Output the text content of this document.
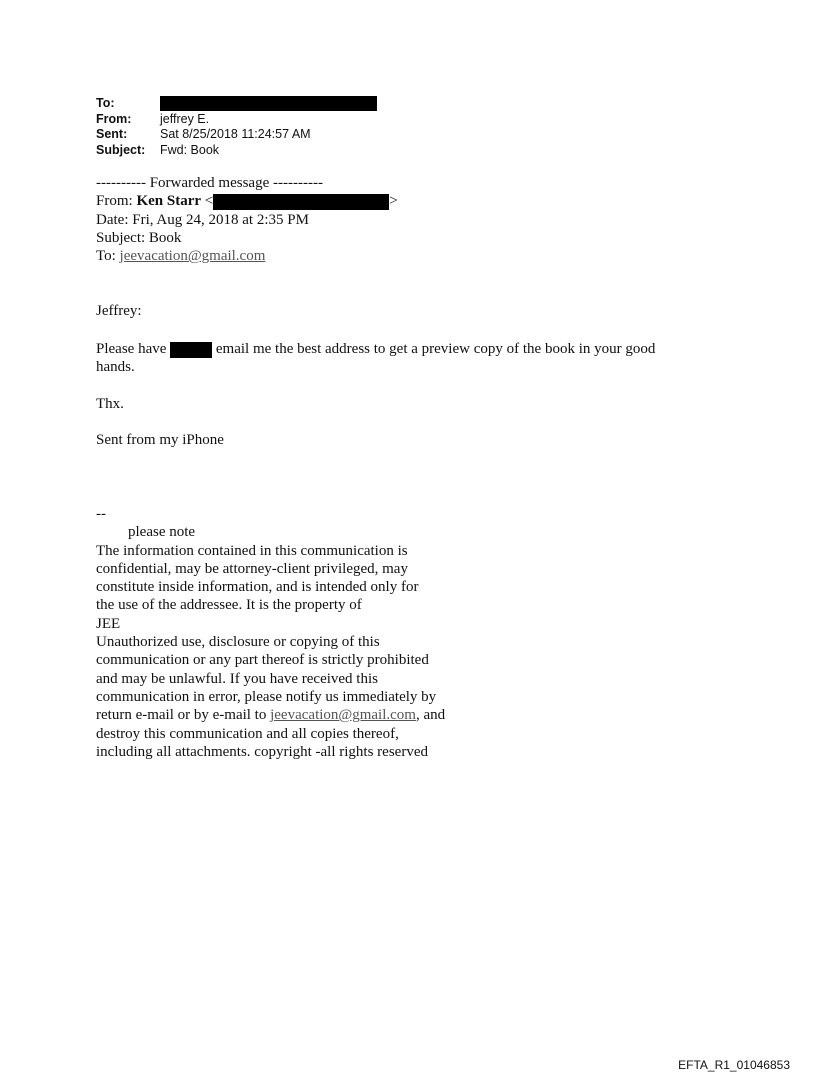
To:
From:	jeffrey E.
Sent:	Sat 8/25/2018 11:24:57 AM
Subject:	Fwd: Book
---------- Forwarded message ----------
From: Ken Starr <	>
Date: Fri, Aug 24, 2018 at 2:35 PM
Subject: Book
To: jeevacation@gmail.com
Jeffrey:
Please have	email me the best address to get a preview copy of the book in your good
hands.
Thx.
Sent from my iPhone
--
please note
The information contained in this communication is
confidential, may be attorney-client privileged, may
constitute inside information, and is intended only for
the use of the addressee. It is the property of
JEE
Unauthorized use, disclosure or copying of this
communication or any part thereof is strictly prohibited
and may be unlawful. If you have received this
communication in error, please notify us immediately by
return e-mail or by e-mail to jeevacation@gmail.com, and
destroy this communication and all copies thereof,
including all attachments. copyright -all rights reserved
EFTA_R1_01046853
